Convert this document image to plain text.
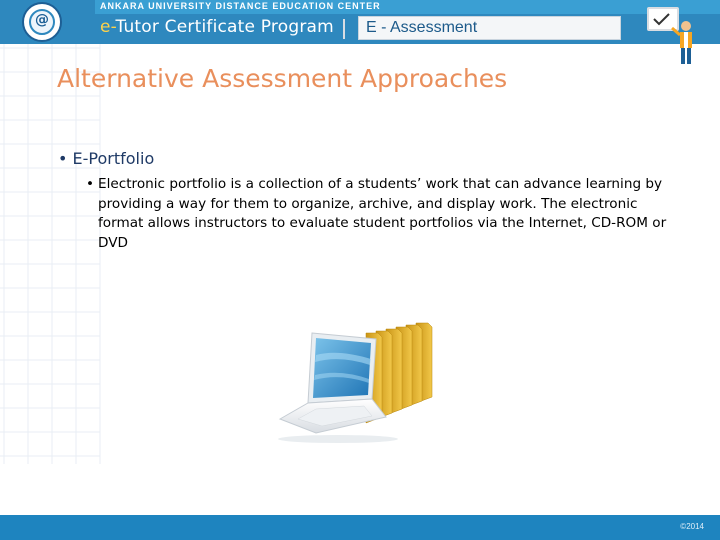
ANKARA UNIVERSITY DISTANCE EDUCATION CENTER
e-Tutor Certificate Program E - Assessment
@
Alternative Assessment Approaches
• E-Portfolio
• Electronic portfolio is a collection of a students’ work that can advance learning by providing a way for them to organize, archive, and display work. The electronic format allows instructors to evaluate student portfolios via the Internet, CD-ROM or DVD
©2014
